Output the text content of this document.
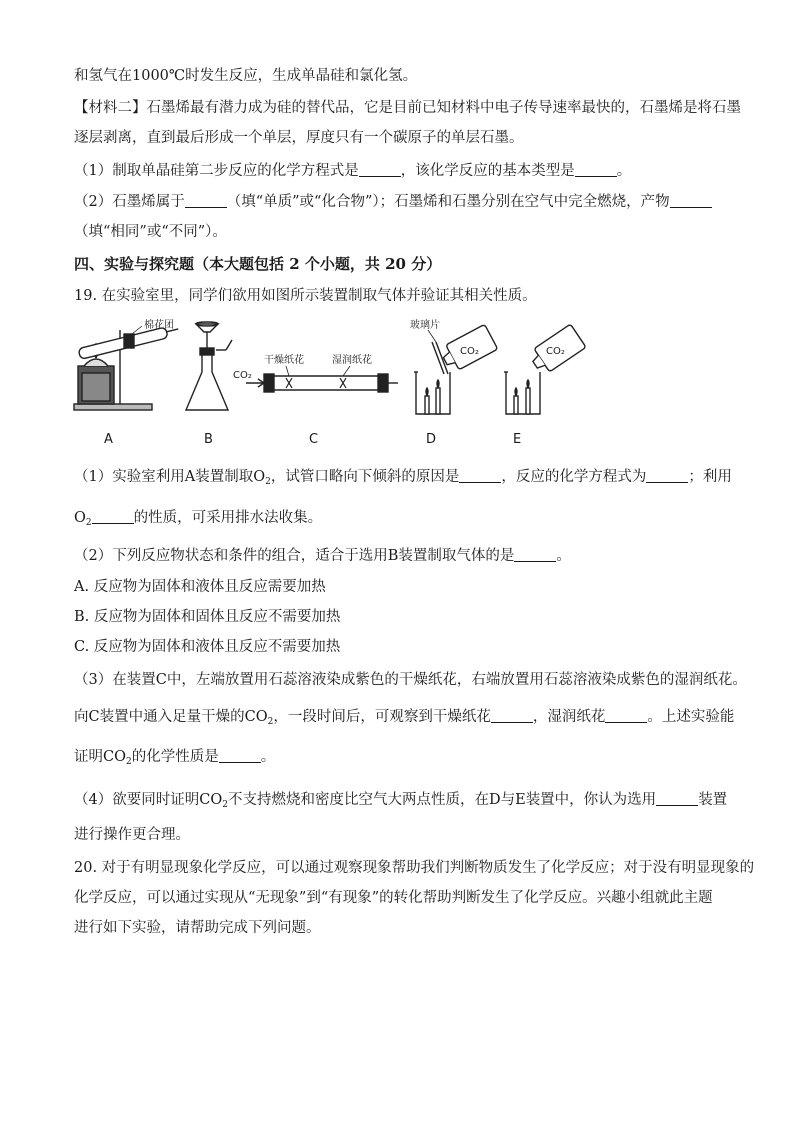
和氢气在1000℃时发生反应，生成单晶硅和氯化氢。
【材料二】石墨烯最有潜力成为硅的替代品，它是目前已知材料中电子传导速率最快的，石墨烯是将石墨
逐层剥离，直到最后形成一个单层，厚度只有一个碳原子的单层石墨。
（1）制取单晶硅第二步反应的化学方程式是	，该化学反应的基本类型是	。
（2）石墨烯属于	（填“单质”或“化合物”）；石墨烯和石墨分别在空气中完全燃烧，产物
（填“相同”或“不同”）。
四、实验与探究题（本大题包括 2 个小题，共 20 分）
19. 在实验室里，同学们欲用如图所示装置制取气体并验证其相关性质。
棉花团
CO₂
干燥纸花	湿润纸花
玻璃片
CO₂	CO₂
A	B	C	D	E
（1）实验室利用A装置制取$O_2$，试管口略向下倾斜的原因是	，反应的化学方程式为	；利用
$O_2$	的性质，可采用排水法收集。
（2）下列反应物状态和条件的组合，适合于选用B装置制取气体的是	。
A. 反应物为固体和液体且反应需要加热
B. 反应物为固体和固体且反应不需要加热
C. 反应物为固体和液体且反应不需要加热
（3）在装置C中，左端放置用石蕊溶液染成紫色的干燥纸花，右端放置用石蕊溶液染成紫色的湿润纸花。
向C装置中通入足量干燥的$CO_2$，一段时间后，可观察到干燥纸花	，湿润纸花	。上述实验能
证明$CO_2$的化学性质是	。
（4）欲要同时证明$CO_2$不支持燃烧和密度比空气大两点性质，在D与E装置中，你认为选用	装置
进行操作更合理。
20. 对于有明显现象化学反应，可以通过观察现象帮助我们判断物质发生了化学反应；对于没有明显现象的
化学反应，可以通过实现从“无现象”到“有现象”的转化帮助判断发生了化学反应。兴趣小组就此主题
进行如下实验，请帮助完成下列问题。
